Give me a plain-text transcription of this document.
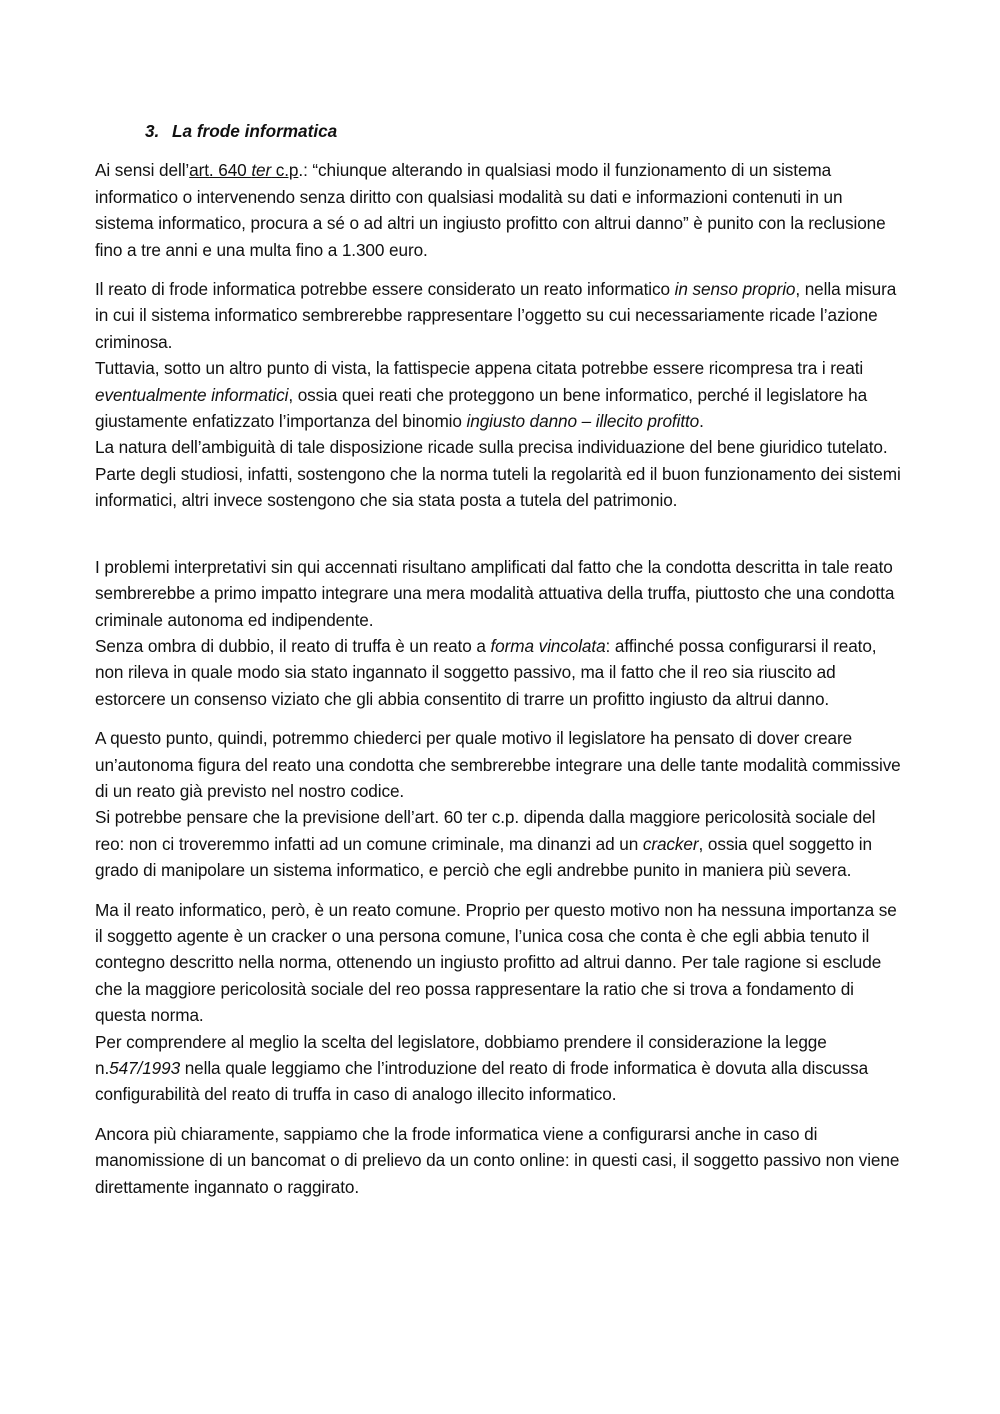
3. La frode informatica

Ai sensi dell’art. 640 ter c.p.: “chiunque alterando in qualsiasi modo il funzionamento di un sistema informatico o intervenendo senza diritto con qualsiasi modalità su dati e informazioni contenuti in un sistema informatico, procura a sé o ad altri un ingiusto profitto con altrui danno” è punito con la reclusione fino a tre anni e una multa fino a 1.300 euro.

Il reato di frode informatica potrebbe essere considerato un reato informatico in senso proprio, nella misura in cui il sistema informatico sembrerebbe rappresentare l’oggetto su cui necessariamente ricade l’azione criminosa.
Tuttavia, sotto un altro punto di vista, la fattispecie appena citata potrebbe essere ricompresa tra i reati eventualmente informatici, ossia quei reati che proteggono un bene informatico, perché il legislatore ha giustamente enfatizzato l’importanza del binomio ingiusto danno – illecito profitto.
La natura dell’ambiguità di tale disposizione ricade sulla precisa individuazione del bene giuridico tutelato. Parte degli studiosi, infatti, sostengono che la norma tuteli la regolarità ed il buon funzionamento dei sistemi informatici, altri invece sostengono che sia stata posta a tutela del patrimonio.

I problemi interpretativi sin qui accennati risultano amplificati dal fatto che la condotta descritta in tale reato sembrerebbe a primo impatto integrare una mera modalità attuativa della truffa, piuttosto che una condotta criminale autonoma ed indipendente.
Senza ombra di dubbio, il reato di truffa è un reato a forma vincolata: affinché possa configurarsi il reato, non rileva in quale modo sia stato ingannato il soggetto passivo, ma il fatto che il reo sia riuscito ad estorcere un consenso viziato che gli abbia consentito di trarre un profitto ingiusto da altrui danno.

A questo punto, quindi, potremmo chiederci per quale motivo il legislatore ha pensato di dover creare un’autonoma figura del reato una condotta che sembrerebbe integrare una delle tante modalità commissive di un reato già previsto nel nostro codice.
Si potrebbe pensare che la previsione dell’art. 60 ter c.p. dipenda dalla maggiore pericolosità sociale del reo: non ci troveremmo infatti ad un comune criminale, ma dinanzi ad un cracker, ossia quel soggetto in grado di manipolare un sistema informatico, e perciò che egli andrebbe punito in maniera più severa.

Ma il reato informatico, però, è un reato comune. Proprio per questo motivo non ha nessuna importanza se il soggetto agente è un cracker o una persona comune, l’unica cosa che conta è che egli abbia tenuto il contegno descritto nella norma, ottenendo un ingiusto profitto ad altrui danno. Per tale ragione si esclude che la maggiore pericolosità sociale del reo possa rappresentare la ratio che si trova a fondamento di questa norma.
Per comprendere al meglio la scelta del legislatore, dobbiamo prendere il considerazione la legge n.547/1993 nella quale leggiamo che l’introduzione del reato di frode informatica è dovuta alla discussa configurabilità del reato di truffa in caso di analogo illecito informatico.

Ancora più chiaramente, sappiamo che la frode informatica viene a configurarsi anche in caso di manomissione di un bancomat o di prelievo da un conto online: in questi casi, il soggetto passivo non viene direttamente ingannato o raggirato.
